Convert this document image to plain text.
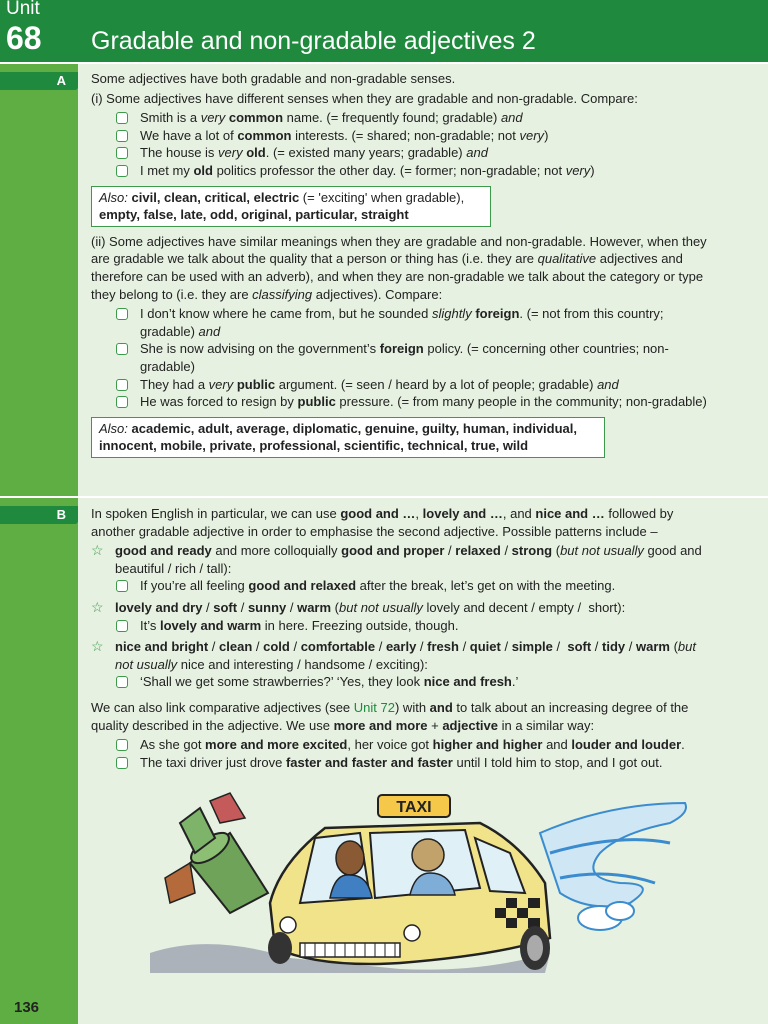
Gradable and non-gradable adjectives 2
Unit
68
A	Some adjectives have both gradable and non-gradable senses.

(i) Some adjectives have different senses when they are gradable and non-gradable. Compare:

Smith is a very common name. (= frequently found; gradable) and
We have a lot of common interests. (= shared; non-gradable; not very)
The house is very old. (= existed many years; gradable) and
I met my old politics professor the other day. (= former; non-gradable; not very)
Also: civil, clean, critical, electric (= 'exciting' when gradable),
empty, false, late, odd, original, particular, straight

(ii) Some adjectives have similar meanings when they are gradable and non-gradable. However, when they are gradable we talk about the quality that a person or thing has (i.e. they are qualitative adjectives and therefore can be used with an adverb), and when they are non-gradable we talk about the category or type they belong to (i.e. they are classifying adjectives). Compare:

I don’t know where he came from, but he sounded slightly foreign. (= not from this country; gradable) and
She is now advising on the government’s foreign policy. (= concerning other countries; non-gradable)
They had a very public argument. (= seen / heard by a lot of people; gradable) and
He was forced to resign by public pressure. (= from many people in the community; non-gradable)
Also: academic, adult, average, diplomatic, genuine, guilty, human, individual, innocent, mobile, private, professional, scientific, technical, true, wild
B	In spoken English in particular, we can use good and …, lovely and …, and nice and … followed by another gradable adjective in order to emphasise the second adjective. Possible patterns include –

☆ good and ready and more colloquially good and proper / relaxed / strong (but not usually good and beautiful / rich / tall):
If you’re all feeling good and relaxed after the break, let’s get on with the meeting.
☆ lovely and dry / soft / sunny / warm (but not usually lovely and decent / empty /  short):
It’s lovely and warm in here. Freezing outside, though.
☆ nice and bright / clean / cold / comfortable / early / fresh / quiet / simple /  soft / tidy / warm (but not usually nice and interesting / handsome / exciting):
‘Shall we get some strawberries?’ ‘Yes, they look nice and fresh.’

We can also link comparative adjectives (see Unit 72) with and to talk about an increasing degree of the quality described in the adjective. We use more and more + adjective in a similar way:

As she got more and more excited, her voice got higher and higher and louder and louder.
The taxi driver just drove faster and faster and faster until I told him to stop, and I got out.
TAXI
136
